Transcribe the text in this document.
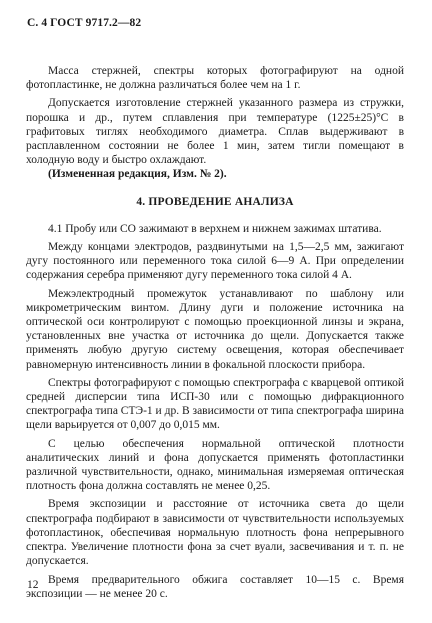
С. 4 ГОСТ 9717.2—82

Масса стержней, спектры которых фотографируют на одной фотопластинке, не должна различаться более чем на 1 г.

Допускается изготовление стержней указанного размера из стружки, порошка и др., путем сплавления при температуре (1225±25)°С в графитовых тиглях необходимого диаметра. Сплав выдерживают в расплавленном состоянии не более 1 мин, затем тигли помещают в холодную воду и быстро охлаждают.

(Измененная редакция, Изм. № 2).

4. ПРОВЕДЕНИЕ АНАЛИЗА

4.1 Пробу или СО зажимают в верхнем и нижнем зажимах штатива.

Между концами электродов, раздвинутыми на 1,5—2,5 мм, зажигают дугу постоянного или переменного тока силой 6—9 А. При определении содержания серебра применяют дугу переменного тока силой 4 А.

Межэлектродный промежуток устанавливают по шаблону или микрометрическим винтом. Длину дуги и положение источника на оптической оси контролируют с помощью проекционной линзы и экрана, установленных вне участка от источника до щели. Допускается также применять любую другую систему освещения, которая обеспечивает равномерную интенсивность линии в фокальной плоскости прибора.

Спектры фотографируют с помощью спектрографа с кварцевой оптикой средней дисперсии типа ИСП-30 или с помощью дифракционного спектрографа типа СТЭ-1 и др. В зависимости от типа спектрографа ширина щели варьируется от 0,007 до 0,015 мм.

С целью обеспечения нормальной оптической плотности аналитических линий и фона допускается применять фотопластинки различной чувствительности, однако, минимальная измеряемая оптическая плотность фона должна составлять не менее 0,25.

Время экспозиции и расстояние от источника света до щели спектрографа подбирают в зависимости от чувствительности используемых фотопластинок, обеспечивая нормальную плотность фона непрерывного спектра. Увеличение плотности фона за счет вуали, засвечивания и т. п. не допускается.

Время предварительного обжига составляет 10—15 с. Время экспозиции — не менее 20 с.

12
